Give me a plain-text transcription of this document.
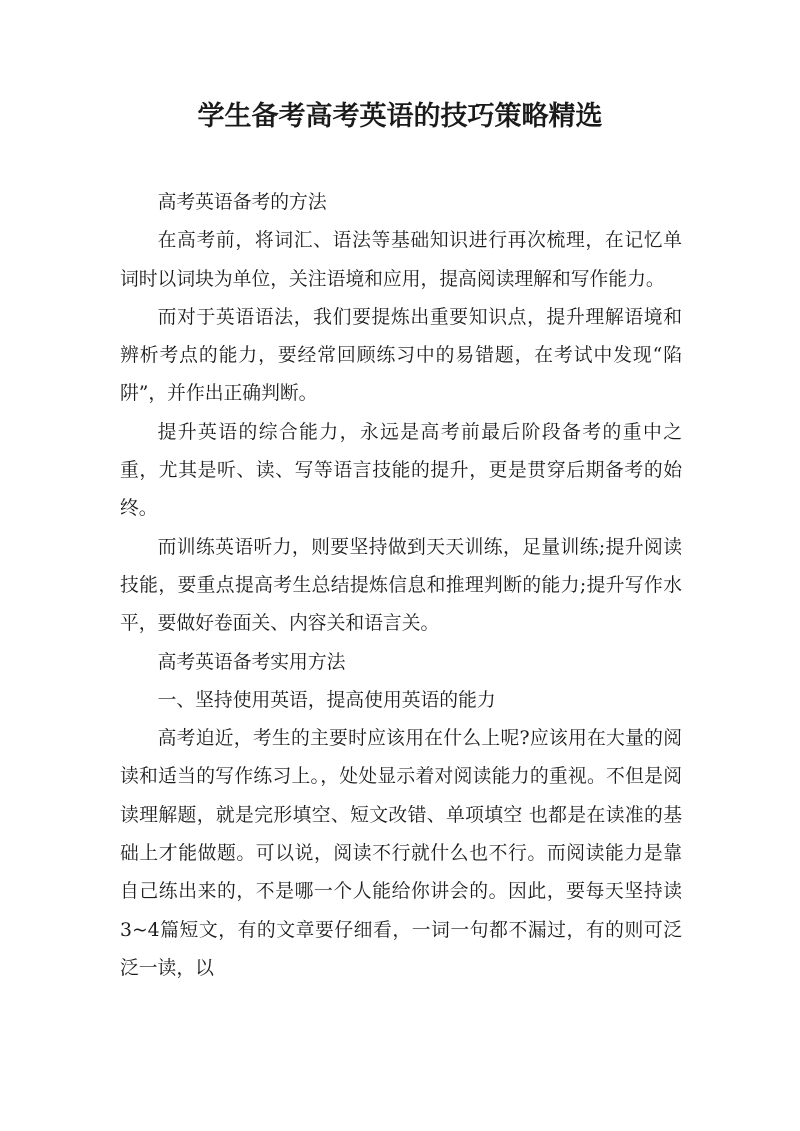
学生备考高考英语的技巧策略精选

高考英语备考的方法

在高考前，将词汇、语法等基础知识进行再次梳理，在记忆单词时以词块为单位，关注语境和应用，提高阅读理解和写作能力。

而对于英语语法，我们要提炼出重要知识点，提升理解语境和辨析考点的能力，要经常回顾练习中的易错题，在考试中发现“陷阱”，并作出正确判断。

提升英语的综合能力，永远是高考前最后阶段备考的重中之重，尤其是听、读、写等语言技能的提升，更是贯穿后期备考的始终。

而训练英语听力，则要坚持做到天天训练，足量训练;提升阅读技能，要重点提高考生总结提炼信息和推理判断的能力;提升写作水平，要做好卷面关、内容关和语言关。

高考英语备考实用方法

一、坚持使用英语，提高使用英语的能力

高考迫近，考生的主要时应该用在什么上呢?应该用在大量的阅读和适当的写作练习上。，处处显示着对阅读能力的重视。不但是阅读理解题，就是完形填空、短文改错、单项填空 也都是在读准的基础上才能做题。可以说，阅读不行就什么也不行。而阅读能力是靠自己练出来的，不是哪一个人能给你讲会的。因此，要每天坚持读3~4篇短文，有的文章要仔细看，一词一句都不漏过，有的则可泛泛一读，以
